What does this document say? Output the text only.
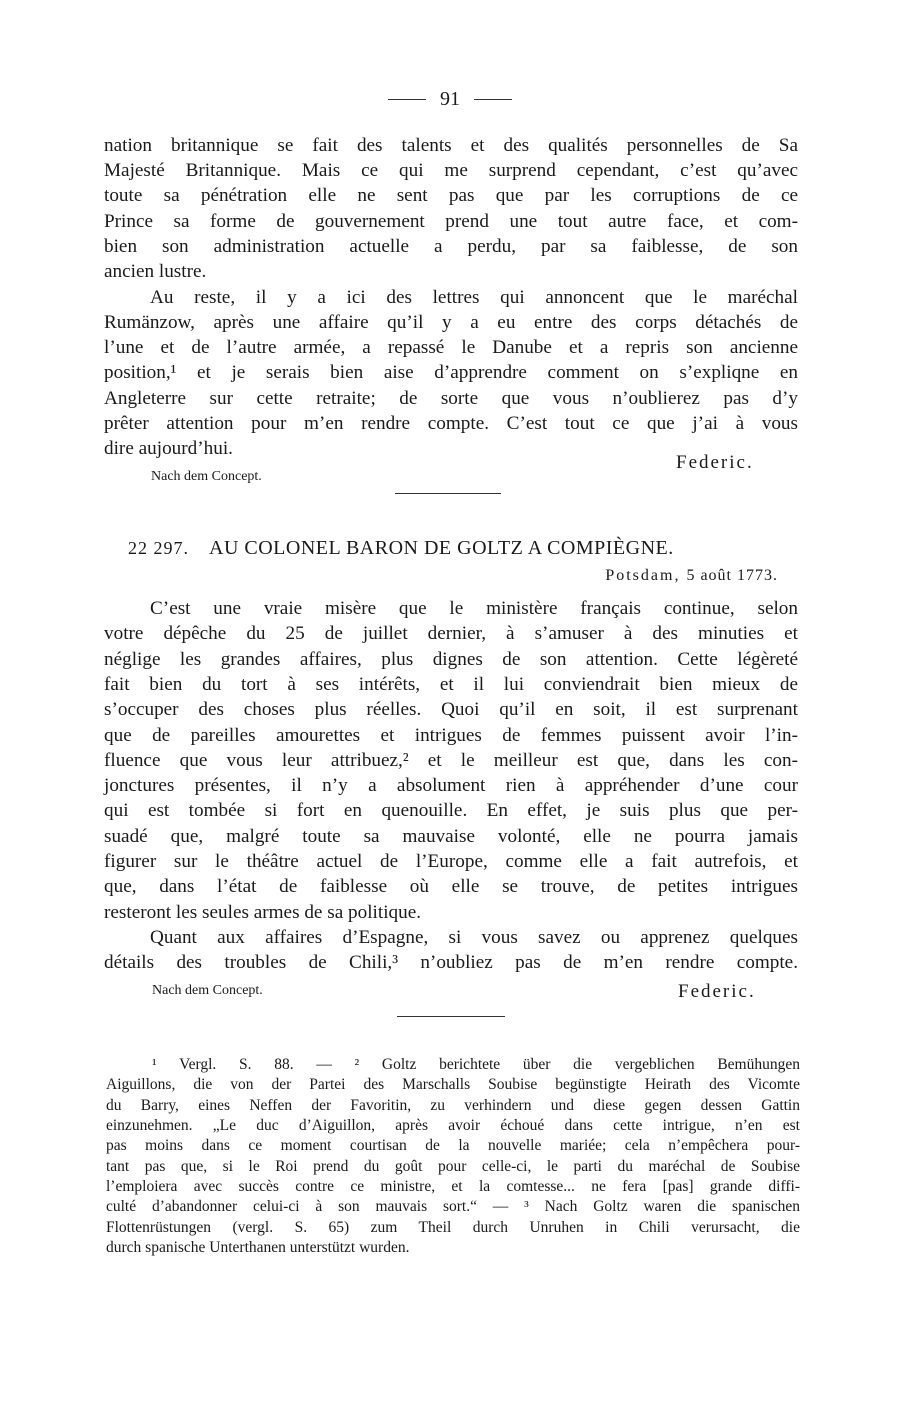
91
nation britannique se fait des talents et des qualités personnelles de Sa
Majesté Britannique. Mais ce qui me surprend cependant, c’est qu’avec
toute sa pénétration elle ne sent pas que par les corruptions de ce
Prince sa forme de gouvernement prend une tout autre face, et com-
bien son administration actuelle a perdu, par sa faiblesse, de son
ancien lustre.
Au reste, il y a ici des lettres qui annoncent que le maréchal
Rumänzow, après une affaire qu’il y a eu entre des corps détachés de
l’une et de l’autre armée, a repassé le Danube et a repris son ancienne
position,¹ et je serais bien aise d’apprendre comment on s’expliqne en
Angleterre sur cette retraite; de sorte que vous n’oublierez pas d’y
prêter attention pour m’en rendre compte. C’est tout ce que j’ai à vous
dire aujourd’hui.
Federic.
Nach dem Concept.
22 297. AU COLONEL BARON DE GOLTZ A COMPIÈGNE.
Potsdam, 5 août 1773.
C’est une vraie misère que le ministère français continue, selon
votre dépêche du 25 de juillet dernier, à s’amuser à des minuties et
néglige les grandes affaires, plus dignes de son attention. Cette légèreté
fait bien du tort à ses intérêts, et il lui conviendrait bien mieux de
s’occuper des choses plus réelles. Quoi qu’il en soit, il est surprenant
que de pareilles amourettes et intrigues de femmes puissent avoir l’in-
fluence que vous leur attribuez,² et le meilleur est que, dans les con-
jonctures présentes, il n’y a absolument rien à appréhender d’une cour
qui est tombée si fort en quenouille. En effet, je suis plus que per-
suadé que, malgré toute sa mauvaise volonté, elle ne pourra jamais
figurer sur le théâtre actuel de l’Europe, comme elle a fait autrefois, et
que, dans l’état de faiblesse où elle se trouve, de petites intrigues
resteront les seules armes de sa politique.
Quant aux affaires d’Espagne, si vous savez ou apprenez quelques
détails des troubles de Chili,³ n’oubliez pas de m’en rendre compte.
Nach dem Concept.	Federic.
¹ Vergl. S. 88. — ² Goltz berichtete über die vergeblichen Bemühungen
Aiguillons, die von der Partei des Marschalls Soubise begünstigte Heirath des Vicomte
du Barry, eines Neffen der Favoritin, zu verhindern und diese gegen dessen Gattin
einzunehmen. „Le duc d’Aiguillon, après avoir échoué dans cette intrigue, n’en est
pas moins dans ce moment courtisan de la nouvelle mariée; cela n’empêchera pour-
tant pas que, si le Roi prend du goût pour celle-ci, le parti du maréchal de Soubise
l’emploiera avec succès contre ce ministre, et la comtesse... ne fera [pas] grande diffi-
culté d’abandonner celui-ci à son mauvais sort.“ — ³ Nach Goltz waren die spanischen
Flottenrüstungen (vergl. S. 65) zum Theil durch Unruhen in Chili verursacht, die
durch spanische Unterthanen unterstützt wurden.
